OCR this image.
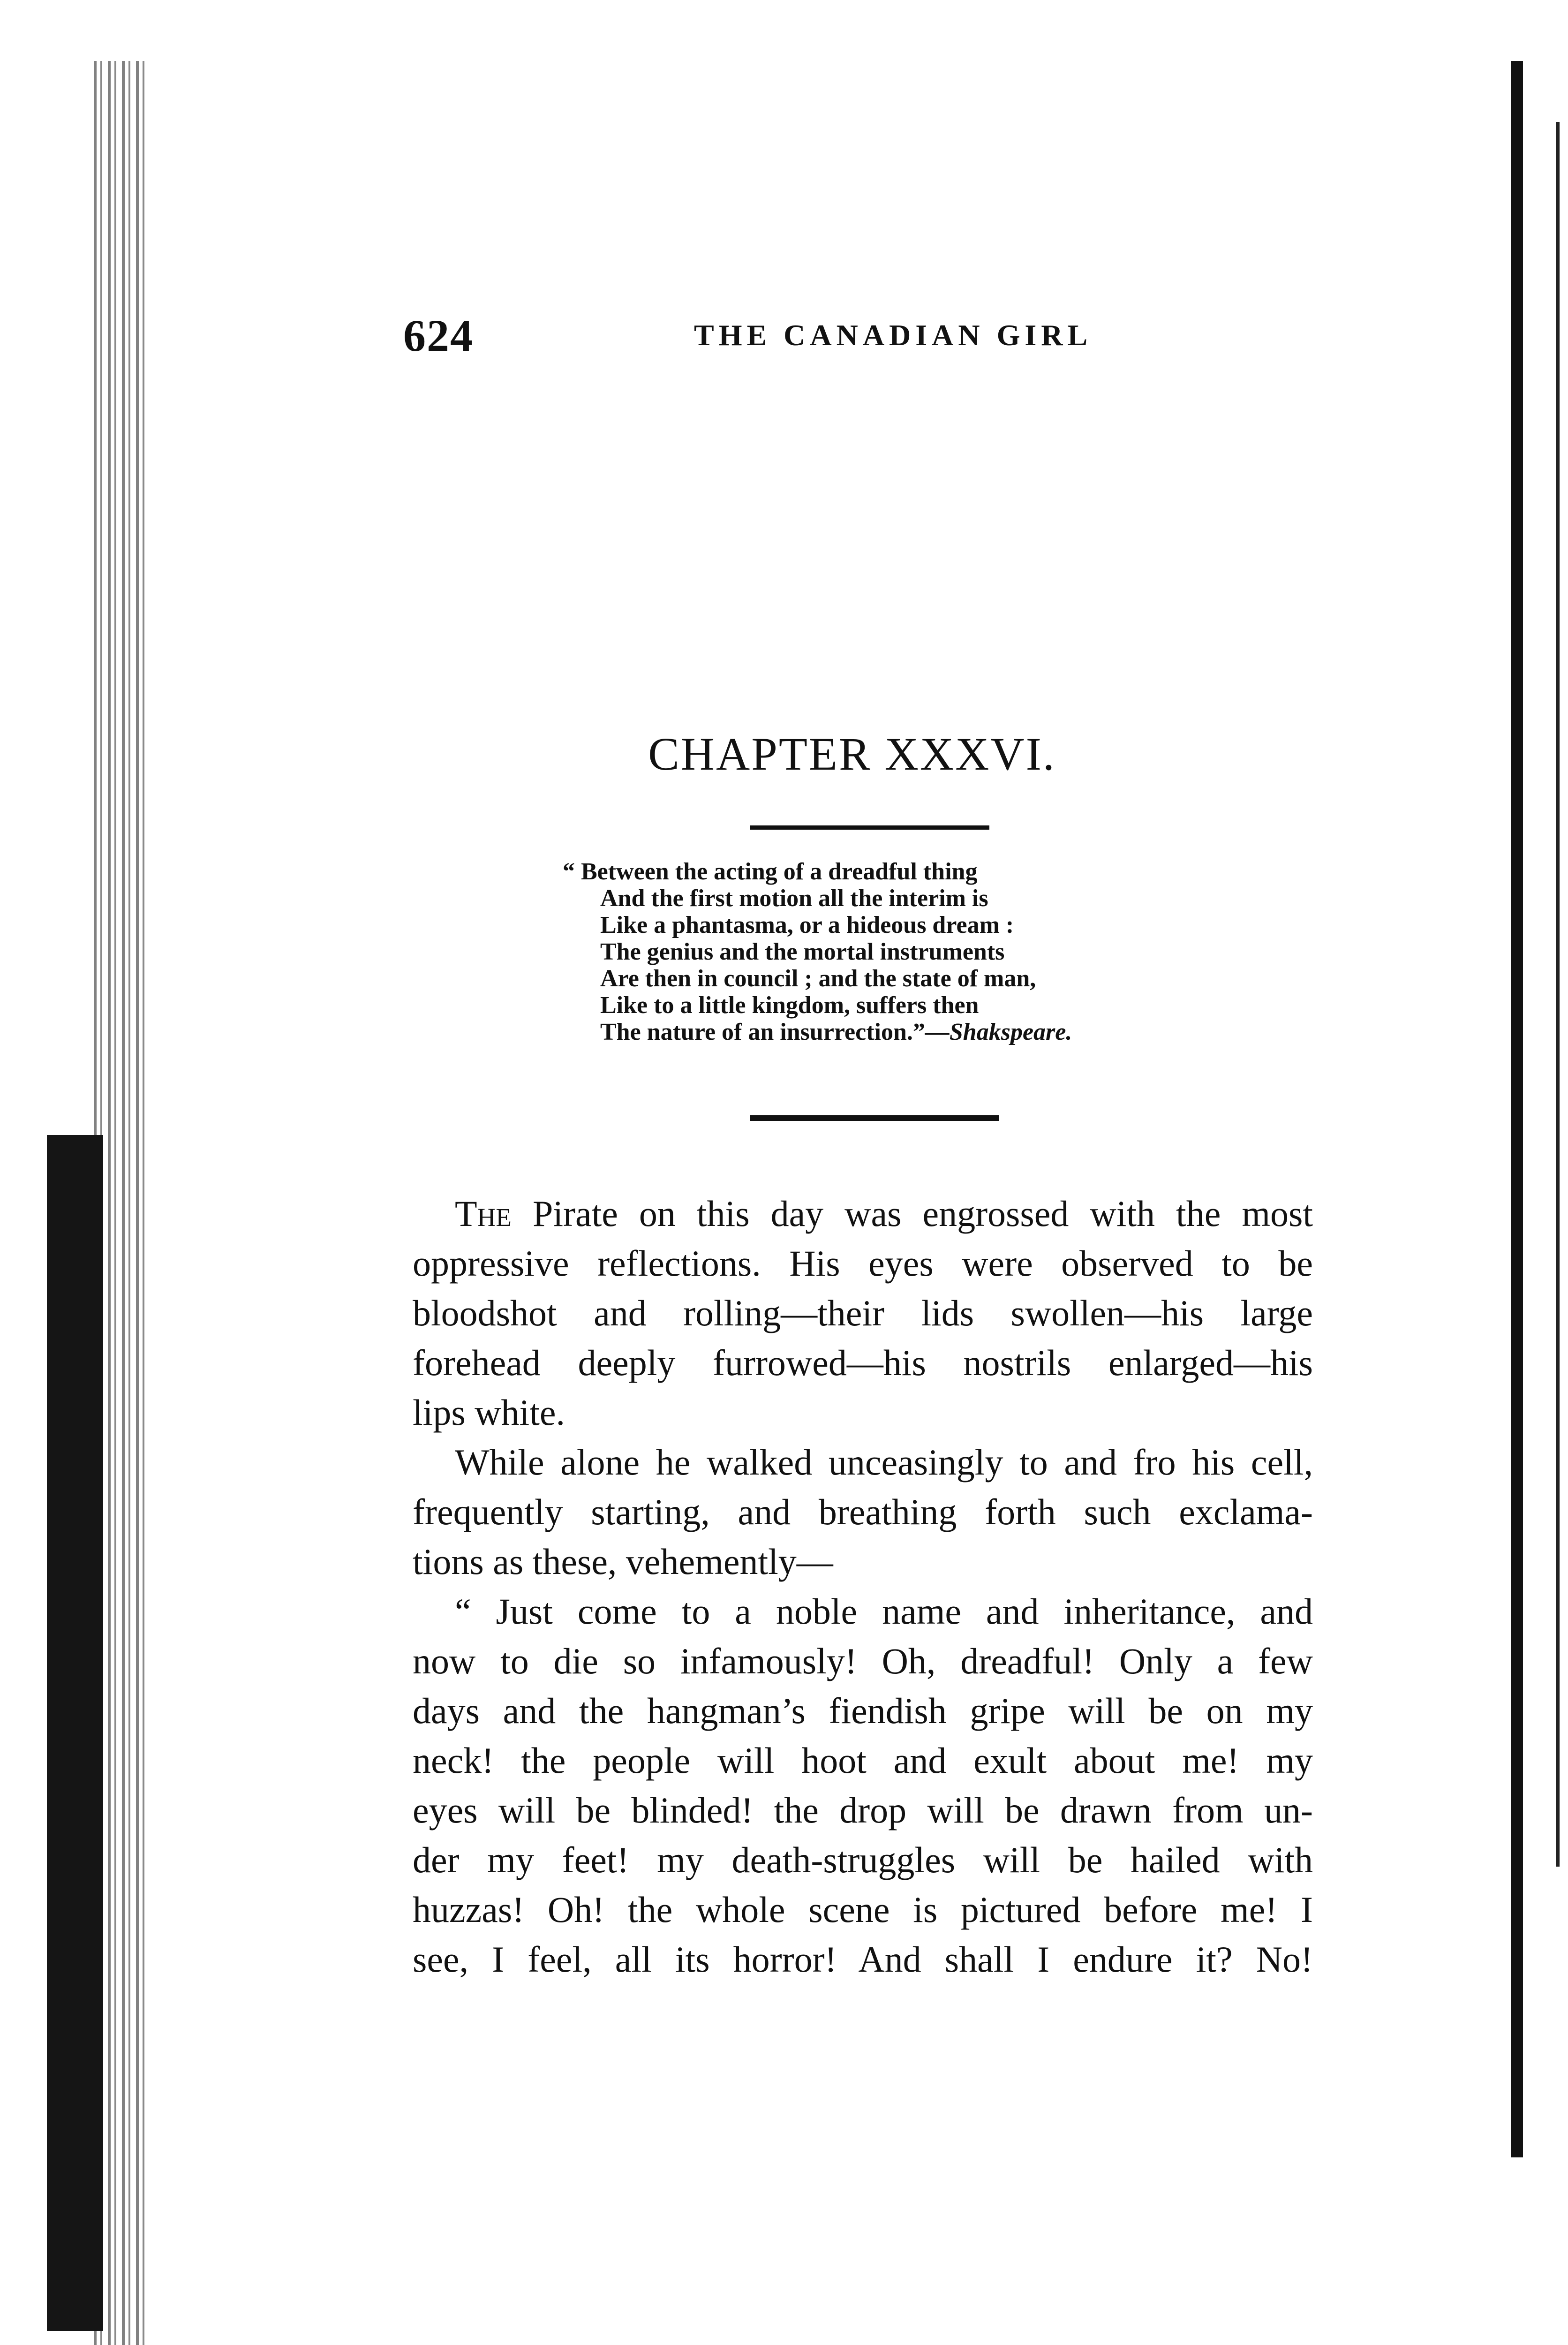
624	THE CANADIAN GIRL
CHAPTER XXXVI.
“ Between the acting of a dreadful thing
And the first motion all the interim is
Like a phantasma, or a hideous dream :
The genius and the mortal instruments
Are then in council ; and the state of man,
Like to a little kingdom, suffers then
The nature of an insurrection.”—Shakspeare.
The Pirate on this day was engrossed with the most
oppressive reflections. His eyes were observed to be
bloodshot and rolling—their lids swollen—his large
forehead deeply furrowed—his nostrils enlarged—his
lips white.
While alone he walked unceasingly to and fro his cell,
frequently starting, and breathing forth such exclama-
tions as these, vehemently—
“ Just come to a noble name and inheritance, and
now to die so infamously! Oh, dreadful! Only a few
days and the hangman’s fiendish gripe will be on my
neck! the people will hoot and exult about me! my
eyes will be blinded! the drop will be drawn from un-
der my feet! my death-struggles will be hailed with
huzzas! Oh! the whole scene is pictured before me! I
see, I feel, all its horror! And shall I endure it? No!
